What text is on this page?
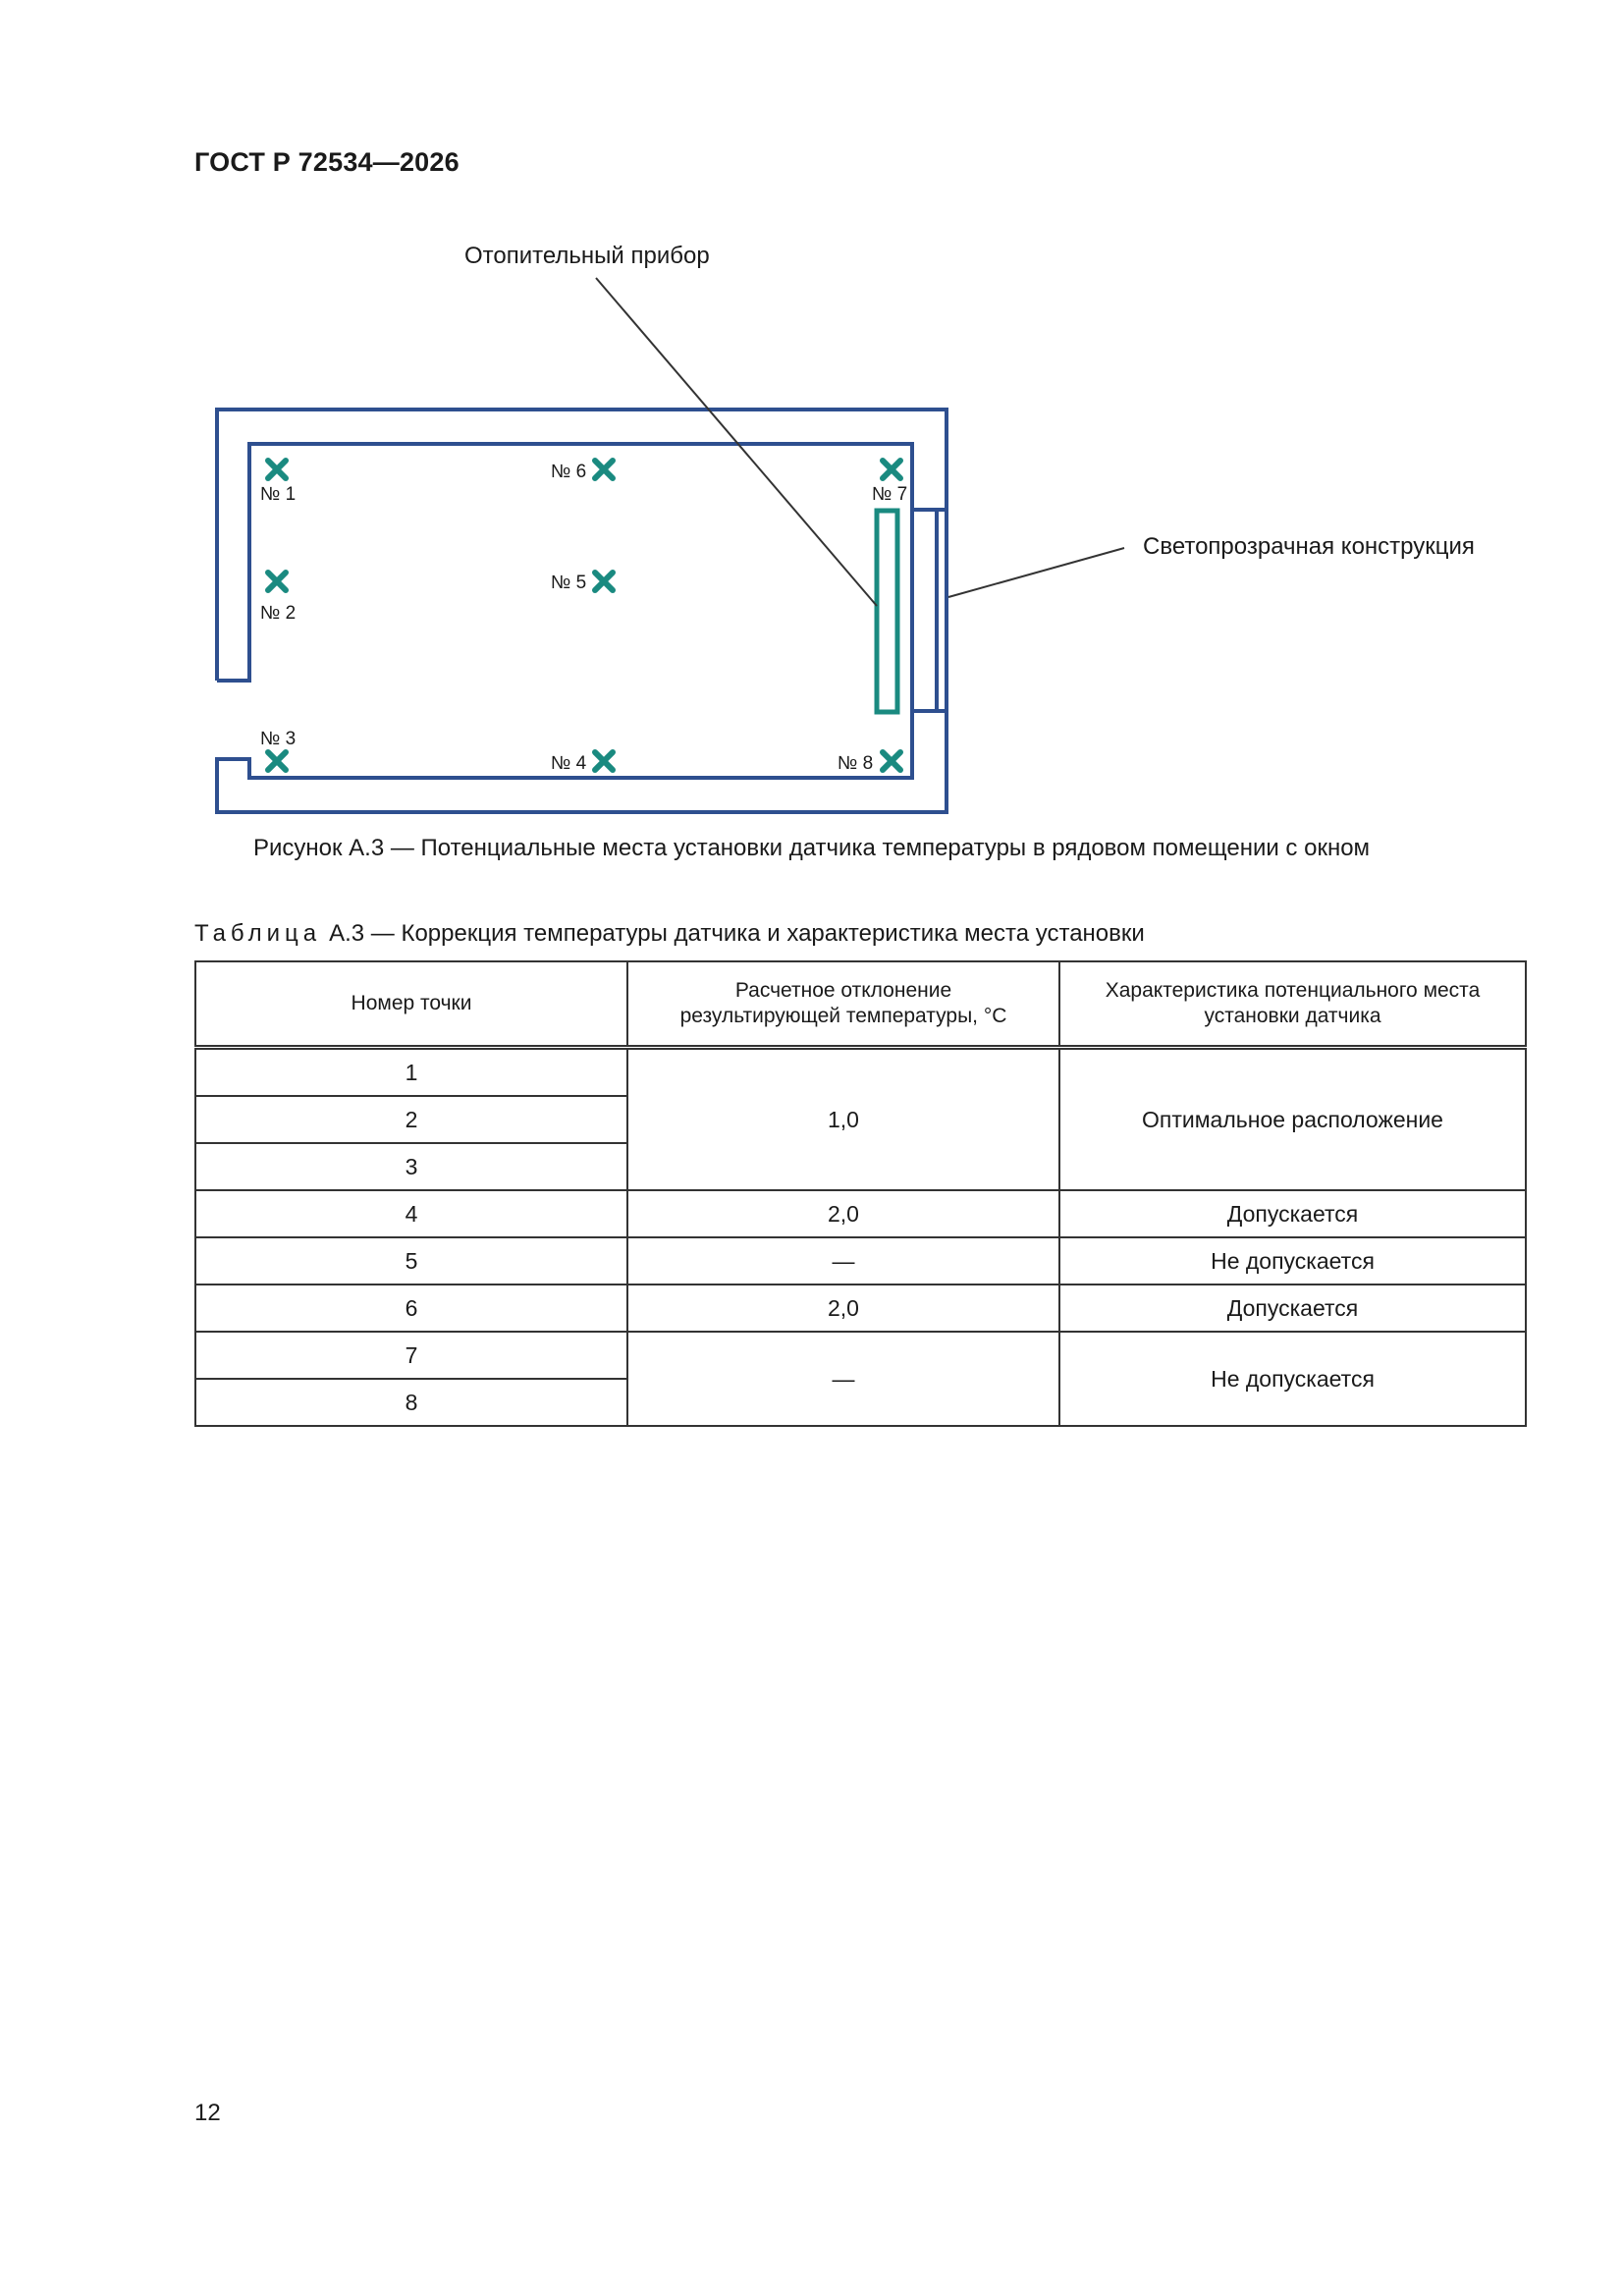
ГОСТ Р 72534—2026
Отопительный прибор
Светопрозрачная конструкция
№ 1
№ 2
№ 3
№ 4
№ 5
№ 6
№ 7
№ 8
Рисунок А.3 — Потенциальные места установки датчика температуры в рядовом помещении с окном
Таблица А.3 — Коррекция температуры датчика и характеристика места установки
Номер точки	Расчетное отклонение результирующей температуры, °С	Характеристика потенциального места установки датчика
1	1,0	Оптимальное расположение
2		
3		
4	2,0	Допускается
5	—	Не допускается
6	2,0	Допускается
7	—	Не допускается
8		
12
